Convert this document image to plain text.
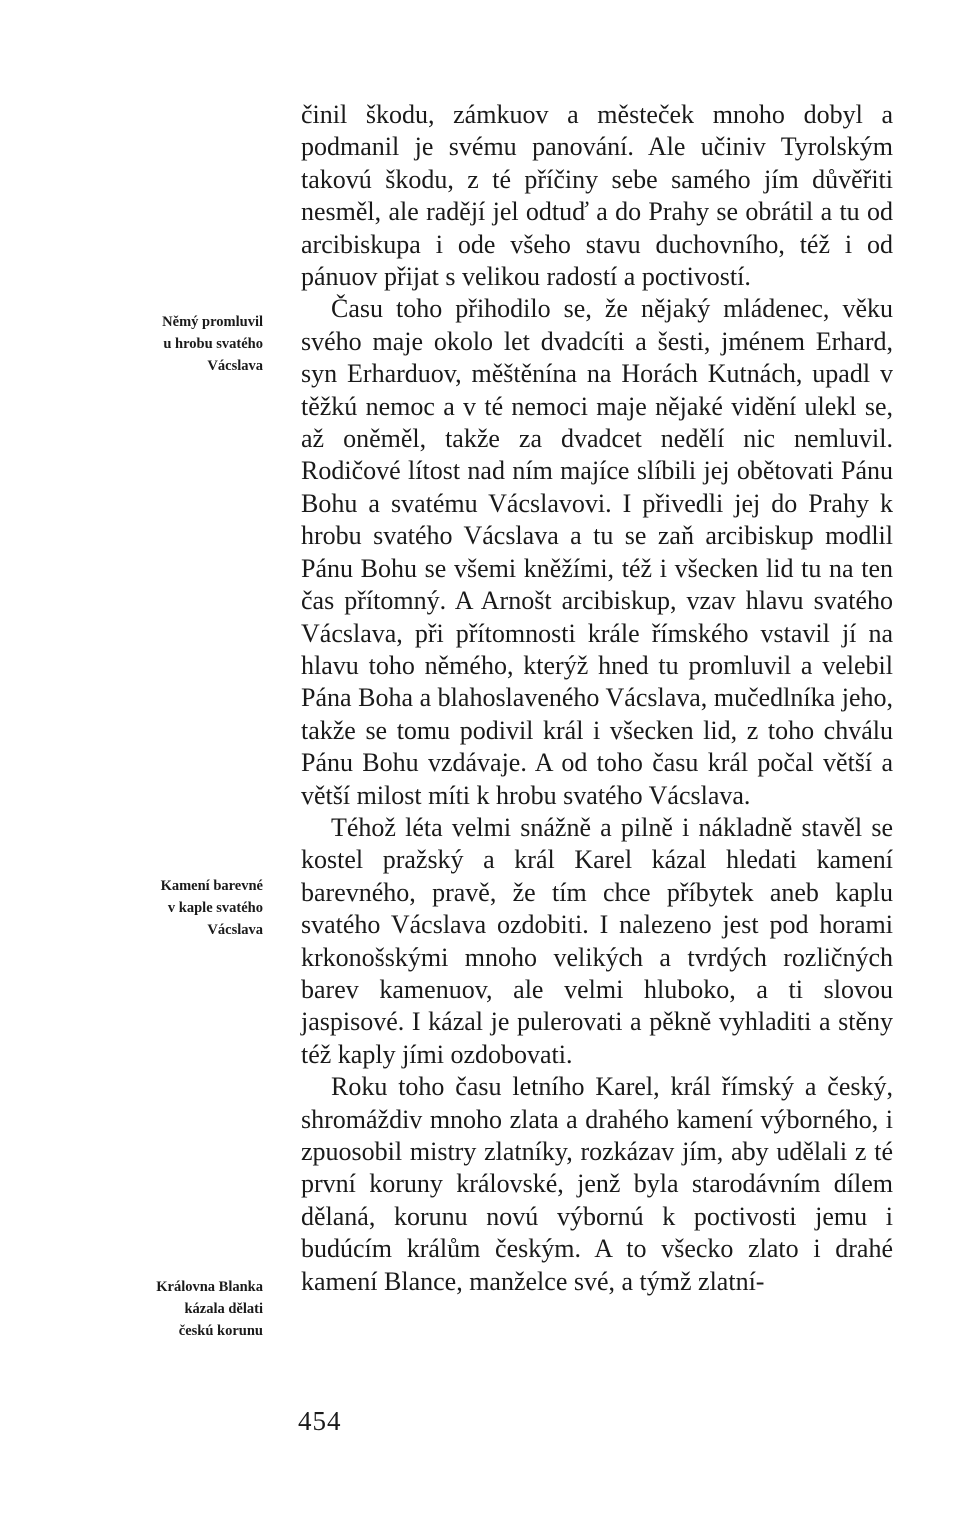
činil škodu, zámkuov a městeček mnoho dobyl a podmanil je svému panování. Ale učiniv Tyrolským takovú škodu, z té příčiny sebe samého jím důvěřiti nesměl, ale radějí jel odtuď a do Prahy se obrátil a tu od arcibiskupa i ode všeho stavu duchovního, též i od pánuov přijat s velikou radostí a poctivostí.

Času toho přihodilo se, že nějaký mládenec, věku svého maje okolo let dvadcíti a šesti, jménem Erhard, syn Erharduov, měštěnína na Horách Kutnách, upadl v těžkú nemoc a v té nemoci maje nějaké vidění ulekl se, až oněměl, takže za dvadcet nedělí nic nemluvil. Rodičové lítost nad ním majíce slíbili jej obětovati Pánu Bohu a svatému Vácslavovi. I přivedli jej do Prahy k hrobu svatého Vácslava a tu se zaň arcibiskup modlil Pánu Bohu se všemi kněžími, též i všecken lid tu na ten čas přítomný. A Arnošt arcibiskup, vzav hlavu svatého Vácslava, při přítomnosti krále římského vstavil jí na hlavu toho němého, kterýž hned tu promluvil a velebil Pána Boha a blahoslaveného Vácslava, mučedlníka jeho, takže se tomu podivil král i všecken lid, z toho chválu Pánu Bohu vzdávaje. A od toho času král počal větší a větší milost míti k hrobu svatého Vácslava.

Téhož léta velmi snážně a pilně i nákladně stavěl se kostel pražský a král Karel kázal hledati kamení barevného, pravě, že tím chce příbytek aneb kaplu svatého Vácslava ozdobiti. I nalezeno jest pod horami krkonošskými mnoho velikých a tvrdých rozličných barev kamenuov, ale velmi hluboko, a ti slovou jaspisové. I kázal je pulerovati a pěkně vyhladiti a stěny též kaply jími ozdobovati.

Roku toho času letního Karel, král římský a český, shromáždiv mnoho zlata a drahého kamení výborného, i zpuosobil mistry zlatníky, rozkázav jím, aby udělali z té první koruny královské, jenž byla starodávním dílem dělaná, korunu novú výbornú k poctivosti jemu i budúcím králům českým. A to všecko zlato i drahé kamení Blance, manželce své, a týmž zlatní-

Němý promluvil
u hrobu svatého
Vácslava
Kamení barevné
v kaple svatého
Vácslava
Královna Blanka
kázala dělati
českú korunu
454
